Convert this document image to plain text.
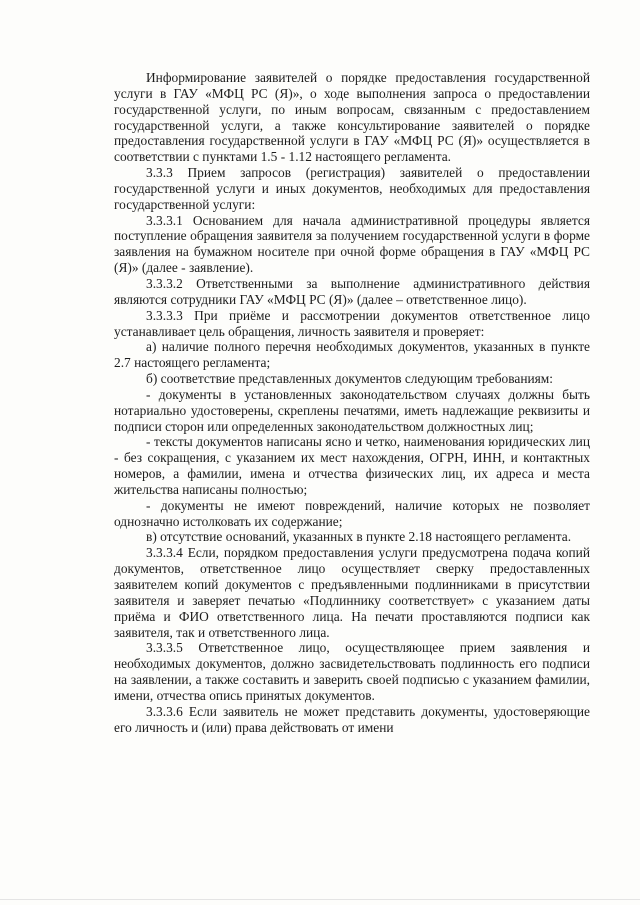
Информирование заявителей о порядке предоставления государственной услуги в ГАУ «МФЦ РС (Я)», о ходе выполнения запроса о предоставлении государственной услуги, по иным вопросам, связанным с предоставлением государственной услуги, а также консультирование заявителей о порядке предоставления государственной услуги в ГАУ «МФЦ РС (Я)» осуществляется в соответствии с пунктами 1.5 - 1.12 настоящего регламента.

3.3.3 Прием запросов (регистрация) заявителей о предоставлении государственной услуги и иных документов, необходимых для предоставления государственной услуги:

3.3.3.1 Основанием для начала административной процедуры является поступление обращения заявителя за получением государственной услуги в форме заявления на бумажном носителе при очной форме обращения в ГАУ «МФЦ РС (Я)» (далее - заявление).

3.3.3.2 Ответственными за выполнение административного действия являются сотрудники ГАУ «МФЦ РС (Я)» (далее – ответственное лицо).

3.3.3.3 При приёме и рассмотрении документов ответственное лицо устанавливает цель обращения, личность заявителя и проверяет:

а) наличие полного перечня необходимых документов, указанных в пункте 2.7 настоящего регламента;

б) соответствие представленных документов следующим требованиям:

- документы в установленных законодательством случаях должны быть нотариально удостоверены, скреплены печатями, иметь надлежащие реквизиты и подписи сторон или определенных законодательством должностных лиц;

- тексты документов написаны ясно и четко, наименования юридических лиц - без сокращения, с указанием их мест нахождения, ОГРН, ИНН, и контактных номеров, а фамилии, имена и отчества физических лиц, их адреса и места жительства написаны полностью;

- документы не имеют повреждений, наличие которых не позволяет однозначно истолковать их содержание;

в) отсутствие оснований, указанных в пункте 2.18 настоящего регламента.

3.3.3.4 Если, порядком предоставления услуги предусмотрена подача копий документов, ответственное лицо осуществляет сверку предоставленных заявителем копий документов с предъявленными подлинниками в присутствии заявителя и заверяет печатью «Подлиннику соответствует» с указанием даты приёма и ФИО ответственного лица. На печати проставляются подписи как заявителя, так и ответственного лица.

3.3.3.5 Ответственное лицо, осуществляющее прием заявления и необходимых документов, должно засвидетельствовать подлинность его подписи на заявлении, а также составить и заверить своей подписью с указанием фамилии, имени, отчества опись принятых документов.

3.3.3.6 Если заявитель не может представить документы, удостоверяющие его личность и (или) права действовать от имени
